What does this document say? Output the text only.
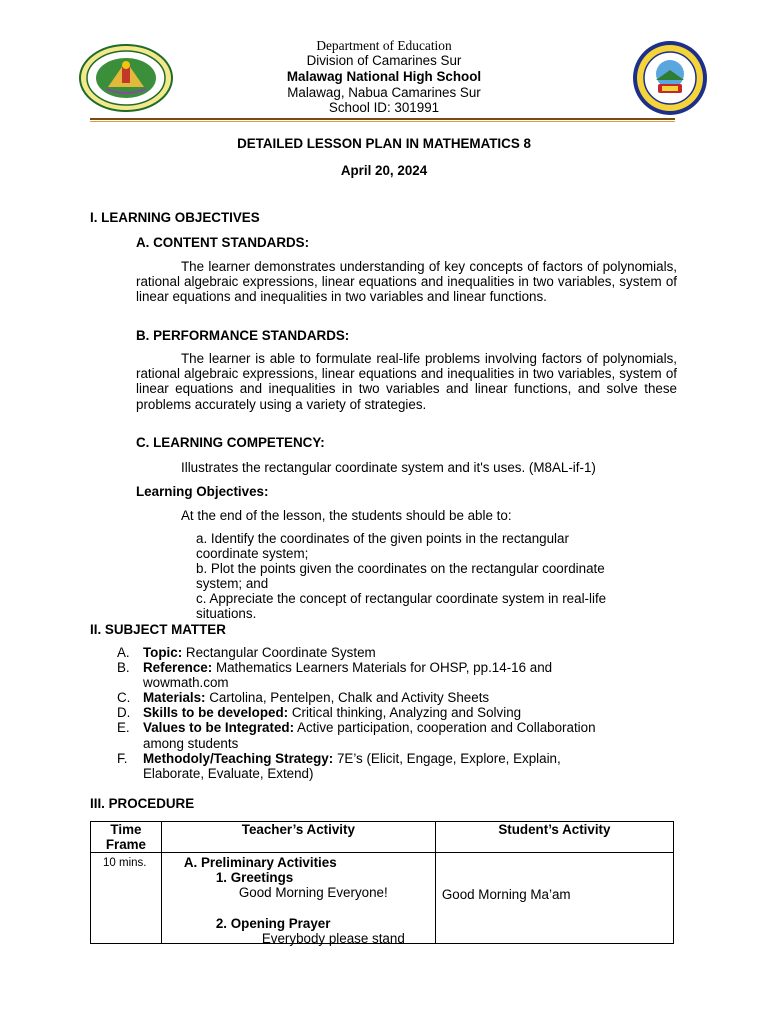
Department of Education
Division of Camarines Sur
Malawag National High School
Malawag, Nabua Camarines Sur
School ID: 301991
DETAILED LESSON PLAN IN MATHEMATICS 8
April 20, 2024
I. LEARNING OBJECTIVES
A. CONTENT STANDARDS:
The learner demonstrates understanding of key concepts of factors of polynomials, rational algebraic expressions, linear equations and inequalities in two variables, system of linear equations and inequalities in two variables and linear functions.
B. PERFORMANCE STANDARDS:
The learner is able to formulate real-life problems involving factors of polynomials, rational algebraic expressions, linear equations and inequalities in two variables, system of linear equations and inequalities in two variables and linear functions, and solve these problems accurately using a variety of strategies.
C. LEARNING COMPETENCY:
Illustrates the rectangular coordinate system and it's uses. (M8AL-if-1)
Learning Objectives:
At the end of the lesson, the students should be able to:
a. Identify the coordinates of the given points in the rectangular
coordinate system;
b. Plot the points given the coordinates on the rectangular coordinate
system; and
c. Appreciate the concept of rectangular coordinate system in real-life
situations.
II. SUBJECT MATTER
A. Topic: Rectangular Coordinate System
B. Reference: Mathematics Learners Materials for OHSP, pp.14-16 and
wowmath.com
C. Materials: Cartolina, Pentelpen, Chalk and Activity Sheets
D. Skills to be developed: Critical thinking, Analyzing and Solving
E. Values to be Integrated: Active participation, cooperation and Collaboration
among students
F.	Methodoly/Teaching Strategy: 7E’s (Elicit, Engage, Explore, Explain,
Elaborate, Evaluate, Extend)
III. PROCEDURE
Time
Frame	Teacher’s Activity	Student’s Activity

10 mins.	A. Preliminary Activities
1. Greetings
Good Morning Everyone!
2. Opening Prayer
Everybody please stand	Good Morning Ma’am
